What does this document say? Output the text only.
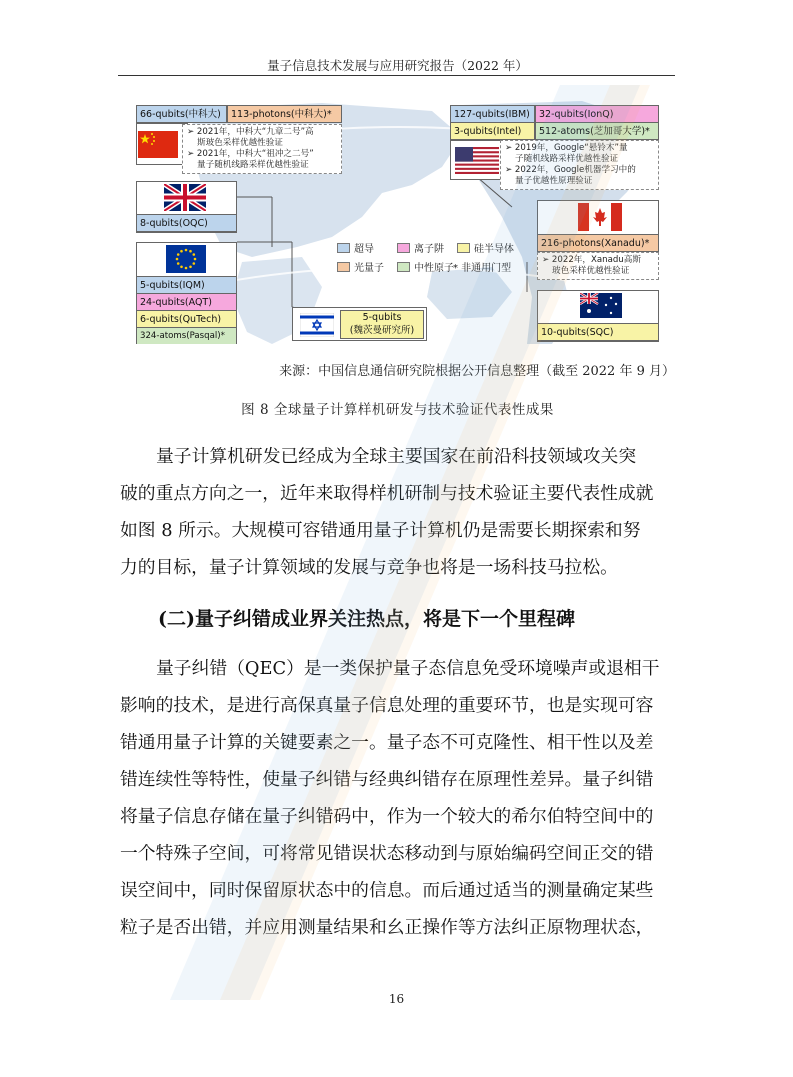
量子信息技术发展与应用研究报告（2022 年）
66-qubits(中科大)	113-photons(中科大)*
➢ 2021年，中科大“九章二号”高
斯玻色采样优越性验证
➢ 2021年，中科大“祖冲之二号”
量子随机线路采样优越性验证
8-qubits(OQC)
5-qubits(IQM)
24-qubits(AQT)
6-qubits(QuTech)
324-atoms(Pasqal)*
5-qubits
(魏茨曼研究所)
超导	离子阱	硅半导体
光量子	中性原子 * 非通用门型
127-qubits(IBM) 32-qubits(IonQ)
3-qubits(Intel)	512-atoms(芝加哥大学)*
➢ 2019年，Google“悬铃木”量
子随机线路采样优越性验证
➢ 2022年，Google机器学习中的
量子优越性原理验证
216-photons(Xanadu)*
➢ 2022年，Xanadu高斯
玻色采样优越性验证
10-qubits(SQC)
来源：中国信息通信研究院根据公开信息整理（截至 2022 年 9 月）
图 8 全球量子计算样机研发与技术验证代表性成果
量子计算机研发已经成为全球主要国家在前沿科技领域攻关突
破的重点方向之一，近年来取得样机研制与技术验证主要代表性成就
如图 8 所示。大规模可容错通用量子计算机仍是需要长期探索和努
力的目标，量子计算领域的发展与竞争也将是一场科技马拉松。
(二)量子纠错成业界关注热点，将是下一个里程碑
量子纠错（QEC）是一类保护量子态信息免受环境噪声或退相干
影响的技术，是进行高保真量子信息处理的重要环节，也是实现可容
错通用量子计算的关键要素之一。量子态不可克隆性、相干性以及差
错连续性等特性，使量子纠错与经典纠错存在原理性差异。量子纠错
将量子信息存储在量子纠错码中，作为一个较大的希尔伯特空间中的
一个特殊子空间，可将常见错误状态移动到与原始编码空间正交的错
误空间中，同时保留原状态中的信息。而后通过适当的测量确定某些
粒子是否出错，并应用测量结果和幺正操作等方法纠正原物理状态，
16
